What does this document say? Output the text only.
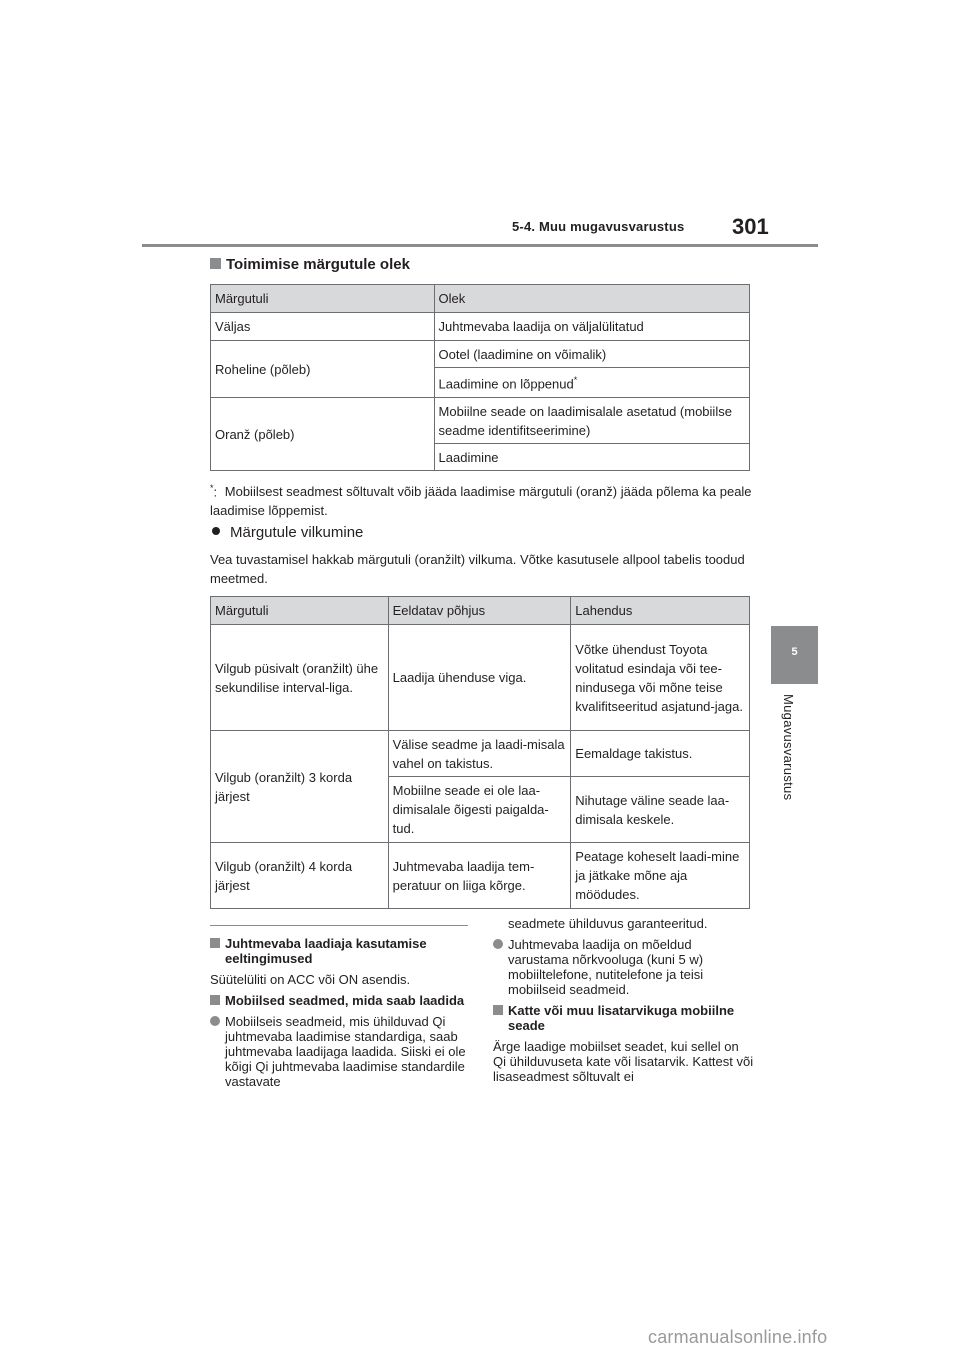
5-4. Muu mugavusvarustus 301
5
Mugavusvarustus
Toimimise märgutule olek
Märgutuli	Olek
Väljas	Juhtmevaba laadija on väljalülitatud
Roheline (põleb)	Ootel (laadimine on võimalik)
	Laadimine on lõppenud*
Oranž (põleb)	Mobiilne seade on laadimisalale asetatud (mobiilse seadme identifitseerimine)
	Laadimine
*: Mobiilsest seadmest sõltuvalt võib jääda laadimise märgutuli (oranž) jääda põlema ka peale laadimise lõppemist.
Märgutule vilkumine
Vea tuvastamisel hakkab märgutuli (oranžilt) vilkuma. Võtke kasutusele allpool tabelis toodud meetmed.
Märgutuli	Eeldatav põhjus	Lahendus
Vilgub püsivalt (oranžilt) ühe sekundilise interval-liga.	Laadija ühenduse viga.	Võtke ühendust Toyota volitatud esindaja või tee-nindusega või mõne teise kvalifitseeritud asjatund-jaga.
Vilgub (oranžilt) 3 korda järjest	Välise seadme ja laadi-misala vahel on takistus.	Eemaldage takistus.
	Mobiilne seade ei ole laa-dimisalale õigesti paigalda-tud.	Nihutage väline seade laa-dimisala keskele.
Vilgub (oranžilt) 4 korda järjest	Juhtmevaba laadija tem-peratuur on liiga kõrge.	Peatage koheselt laadi-mine ja jätkake mõne aja möödudes.
Juhtmevaba laadiaja kasutamise eeltingimused
Süütelüliti on ACC või ON asendis.
Mobiilsed seadmed, mida saab laadida
Mobiilseis seadmeid, mis ühilduvad Qi juhtmevaba laadimise standardiga, saab juhtmevaba laadijaga laadida. Siiski ei ole kõigi Qi juhtmevaba laadimise standardile vastavate
seadmete ühilduvus garanteeritud.
Juhtmevaba laadija on mõeldud varustama nõrkvooluga (kuni 5 w) mobiiltelefone, nutitelefone ja teisi mobiilseid seadmeid.
Katte või muu lisatarvikuga mobiilne seade
Ärge laadige mobiilset seadet, kui sellel on Qi ühilduvuseta kate või lisatarvik. Kattest või lisaseadmest sõltuvalt ei
carmanualsonline.info
